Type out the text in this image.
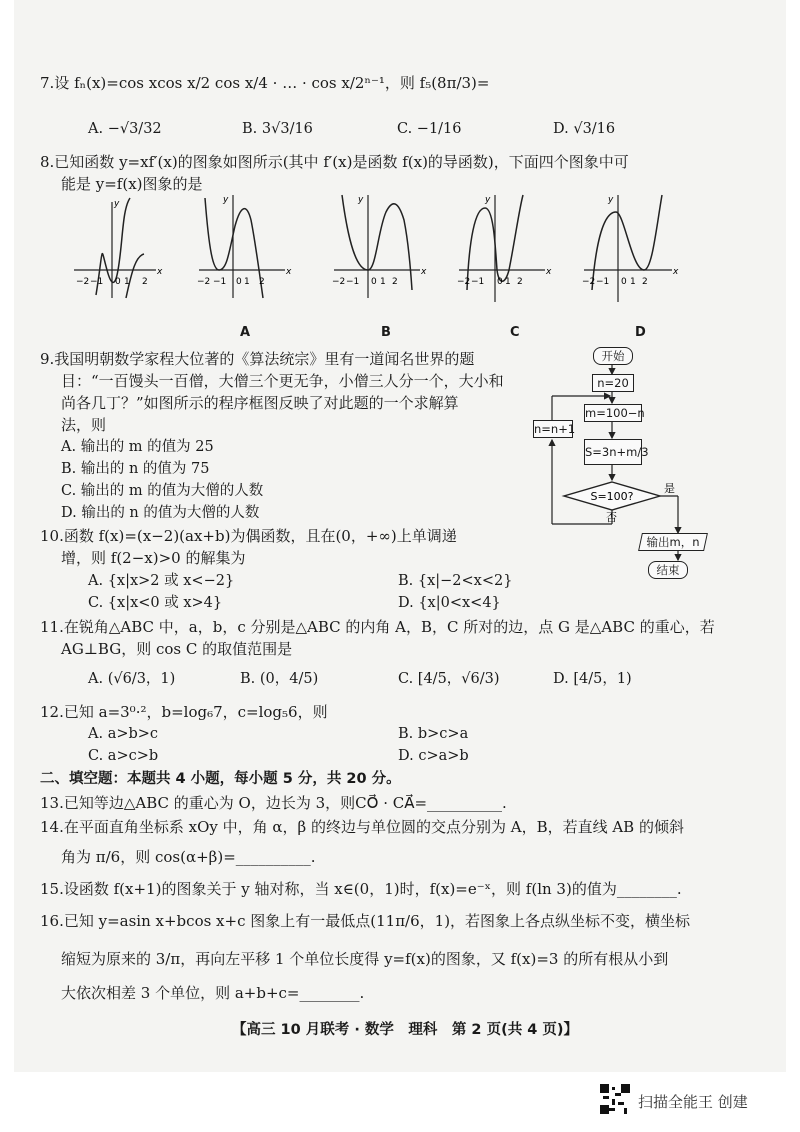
7.设 fₙ(x)=cos xcos x/2 cos x/4 · … · cos x/2ⁿ⁻¹，则 f₅(8π/3)=
A. −√3/32	B. 3√3/16	C. −1/16	D. √3/16
8.已知函数 y=xf′(x)的图象如图所示(其中 f′(x)是函数 f(x)的导函数)，下面四个图象中可
能是 y=f(x)图象的是
−2 −1 0 1 2
x
y
−2 −1 0 1 2
x
y
−2 −1 0 1 2
x
y
−2 −1 0 1 2
x
y
−2 −1 0 1 2
x
y
A	B	C	D
9.我国明朝数学家程大位著的《算法统宗》里有一道闻名世界的题
目：“一百馒头一百僧，大僧三个更无争，小僧三人分一个，大小和
尚各几丁？”如图所示的程序框图反映了对此题的一个求解算
法，则
A. 输出的 m 的值为 25
B. 输出的 n 的值为 75
C. 输出的 m 的值为大僧的人数
D. 输出的 n 的值为大僧的人数
S=100?
是
否
开始
n=20
m=100−n
S=3n+m/3
n=n+1
输出m，n
结束
10.函数 f(x)=(x−2)(ax+b)为偶函数，且在(0，+∞)上单调递
增，则 f(2−x)>0 的解集为
A. {x|x>2 或 x<−2}	B. {x|−2<x<2}
C. {x|x<0 或 x>4}	D. {x|0<x<4}
11.在锐角△ABC 中，a，b，c 分别是△ABC 的内角 A，B，C 所对的边，点 G 是△ABC 的重心，若
AG⊥BG，则 cos C 的取值范围是
A. (√6/3，1)	B. (0，4/5)	C. [4/5，√6/3)	D. [4/5，1)
12.已知 a=3⁰·²，b=log₆7，c=log₅6，则
A. a>b>c	B. b>c>a
C. a>c>b	D. c>a>b
二、填空题：本题共 4 小题，每小题 5 分，共 20 分。
13.已知等边△ABC 的重心为 O，边长为 3，则CO⃗ · CA⃗=__________.
14.在平面直角坐标系 xOy 中，角 α，β 的终边与单位圆的交点分别为 A，B，若直线 AB 的倾斜
角为 π/6，则 cos(α+β)=__________.
15.设函数 f(x+1)的图象关于 y 轴对称，当 x∈(0，1)时，f(x)=e⁻ˣ，则 f(ln 3)的值为________.
16.已知 y=asin x+bcos x+c 图象上有一最低点(11π/6，1)，若图象上各点纵坐标不变，横坐标
缩短为原来的 3/π，再向左平移 1 个单位长度得 y=f(x)的图象，又 f(x)=3 的所有根从小到
大依次相差 3 个单位，则 a+b+c=________.
【高三 10 月联考 · 数学　理科　第 2 页(共 4 页)】
扫描全能王 创建
